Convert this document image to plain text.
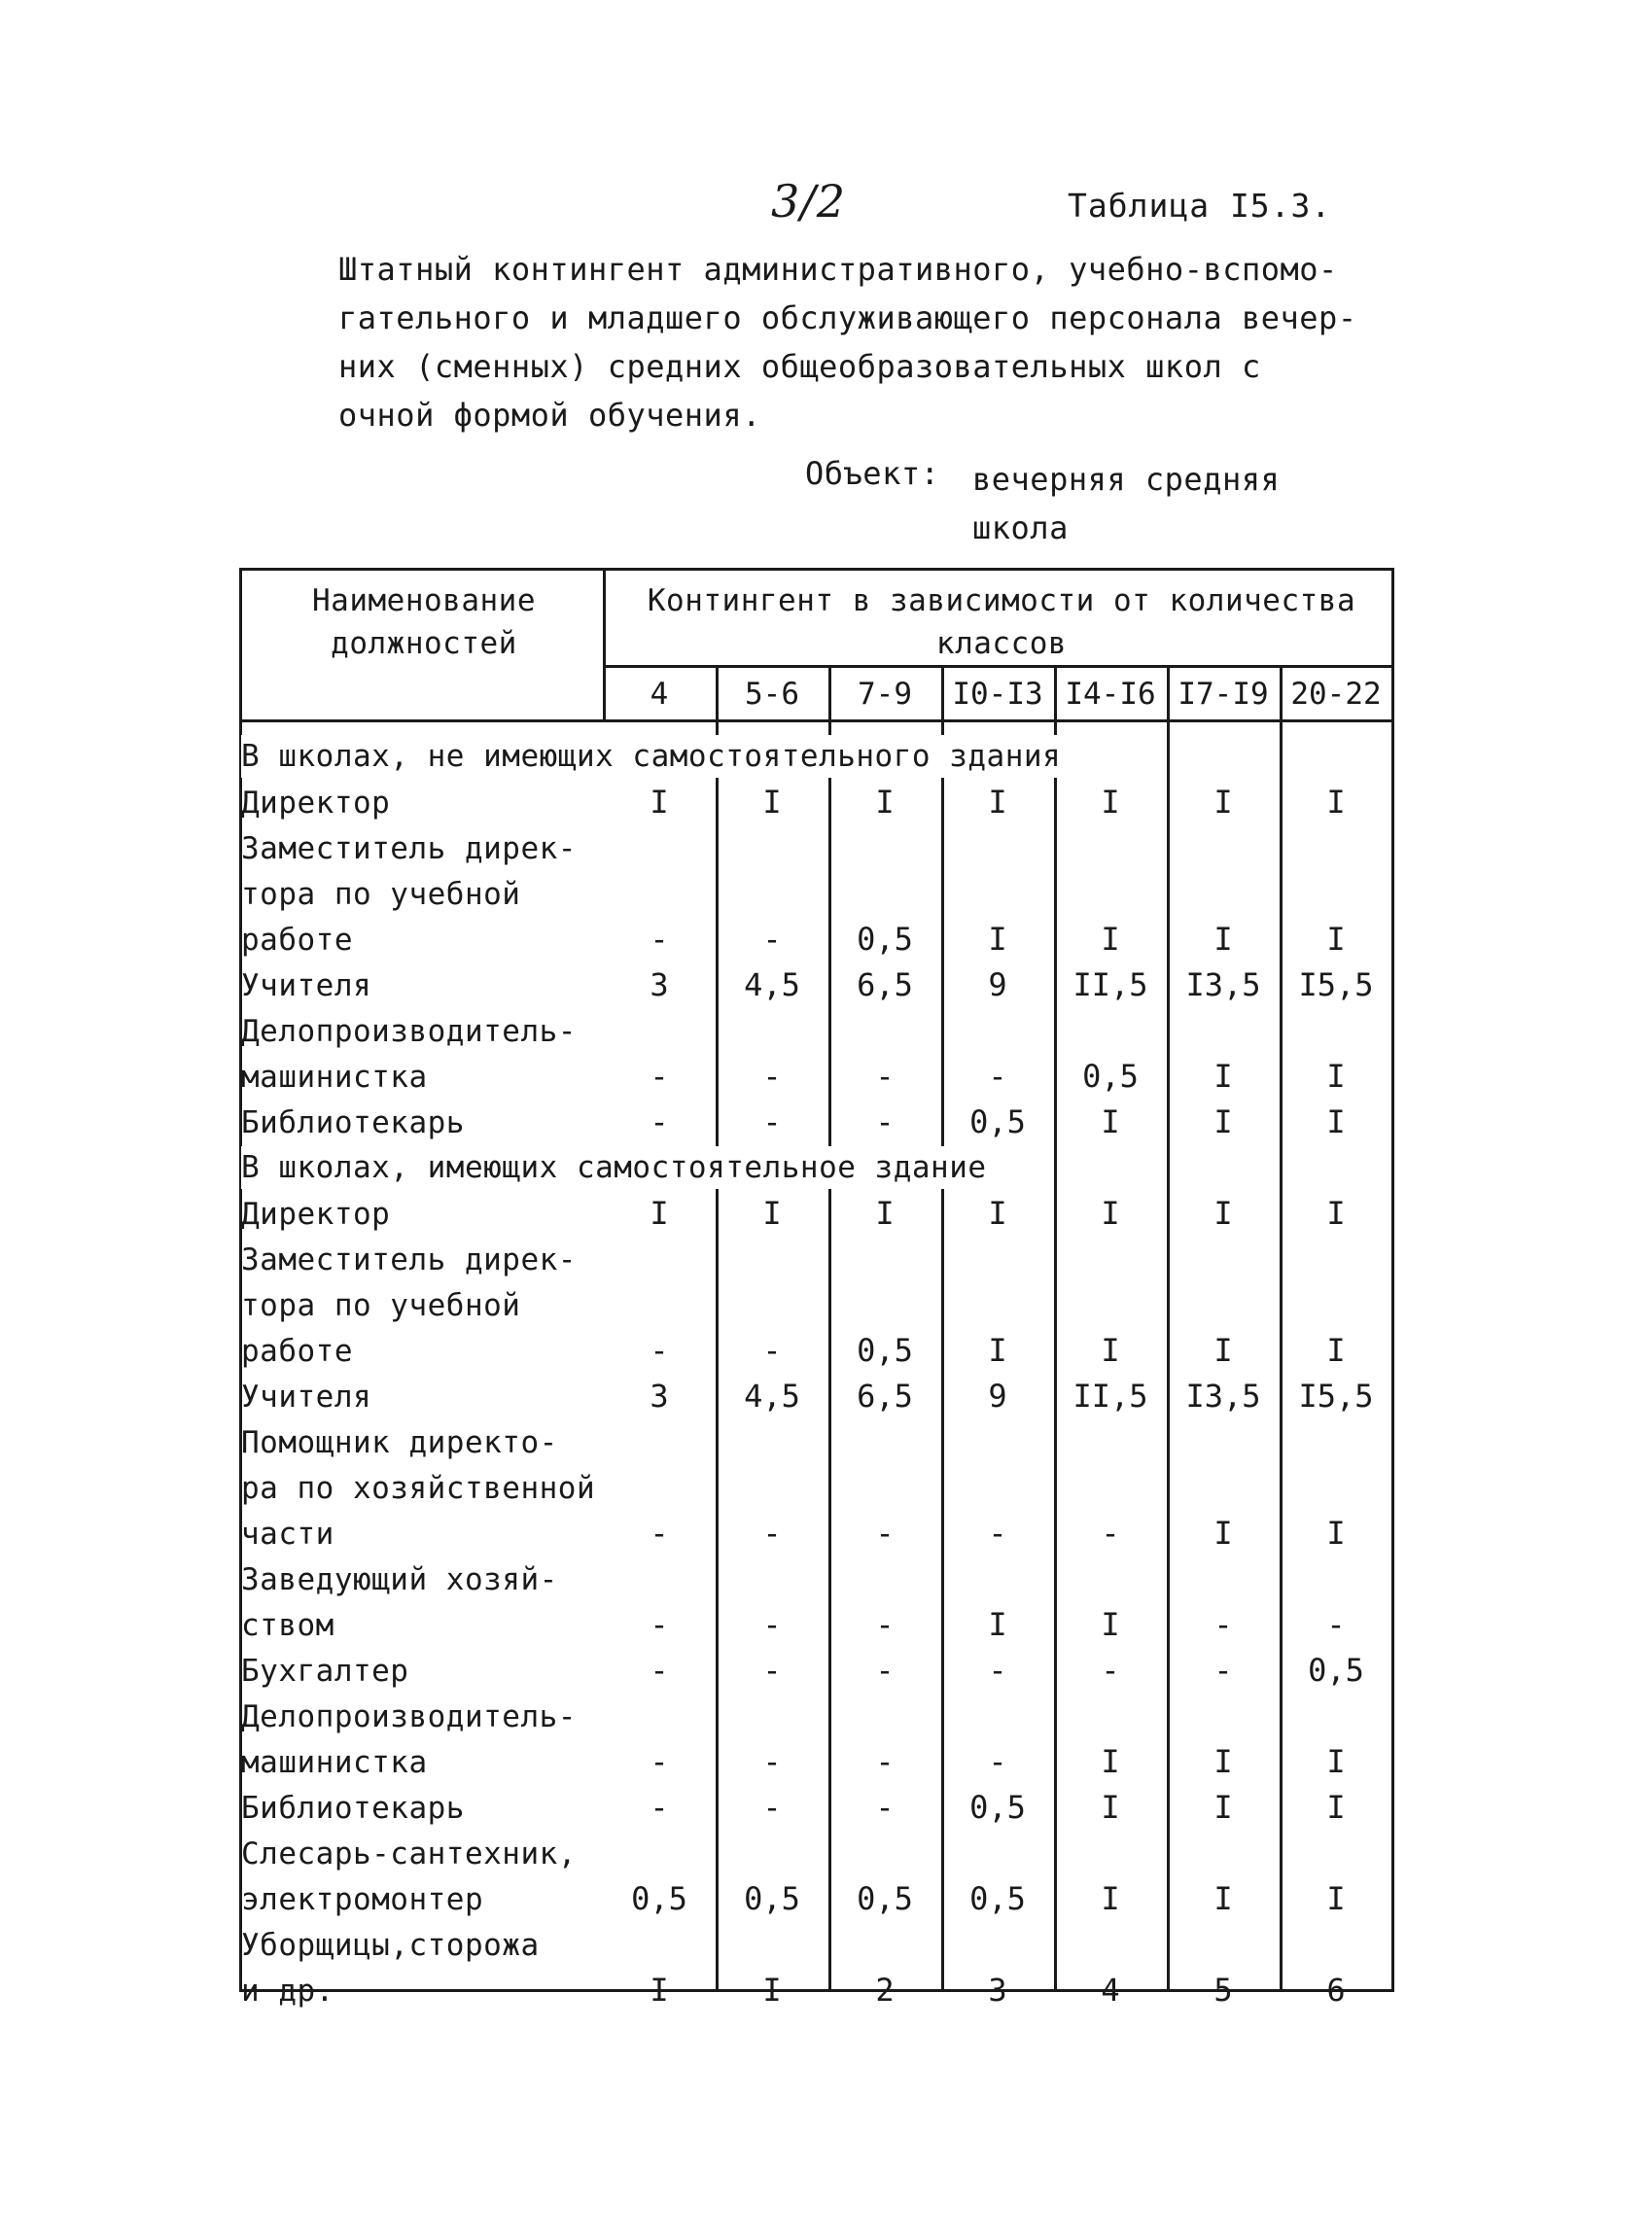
3/2	Таблица I5.3.
Штатный контингент административного, учебно-вспомо-
гательного и младшего обслуживающего персонала вечер-
них (сменных) средних общеобразовательных школ с
очной формой обучения.
Объект: вечерняя средняя
школа
Наименование должностей
Контингент в зависимости от количества классов
4	5-6	7-9	I0-I3 I4-I6 I7-I9 20-22
В школах, не имеющих самостоятельного здания
Директор	I	I	I	I	I	I	I
Заместитель дирек-
тора по учебной
работе	-	-	0,5	I	I	I	I
Учителя	3	4,5	6,5	9	II,5	I3,5	I5,5
Делопроизводитель-
машинистка	-	-	-	-	0,5	I	I
Библиотекарь	-	-	-	0,5	I	I	I
В школах, имеющих самостоятельное здание
Директор	I	I	I	I	I	I	I
Заместитель дирек-
тора по учебной
работе	-	-	0,5	I	I	I	I
Учителя	3	4,5	6,5	9	II,5	I3,5	I5,5
Помощник директо-
ра по хозяйственной
части	-	-	-	-	-	I	I
Заведующий хозяй-
ством	-	-	-	I	I	-	-
Бухгалтер	-	-	-	-	-	-	0,5
Делопроизводитель-
машинистка	-	-	-	-	I	I	I
Библиотекарь	-	-	-	0,5	I	I	I
Слесарь-сантехник,
электромонтер	0,5	0,5	0,5	0,5	I	I	I
Уборщицы,сторожа
и др.	I	I	2	3	4	5	6
